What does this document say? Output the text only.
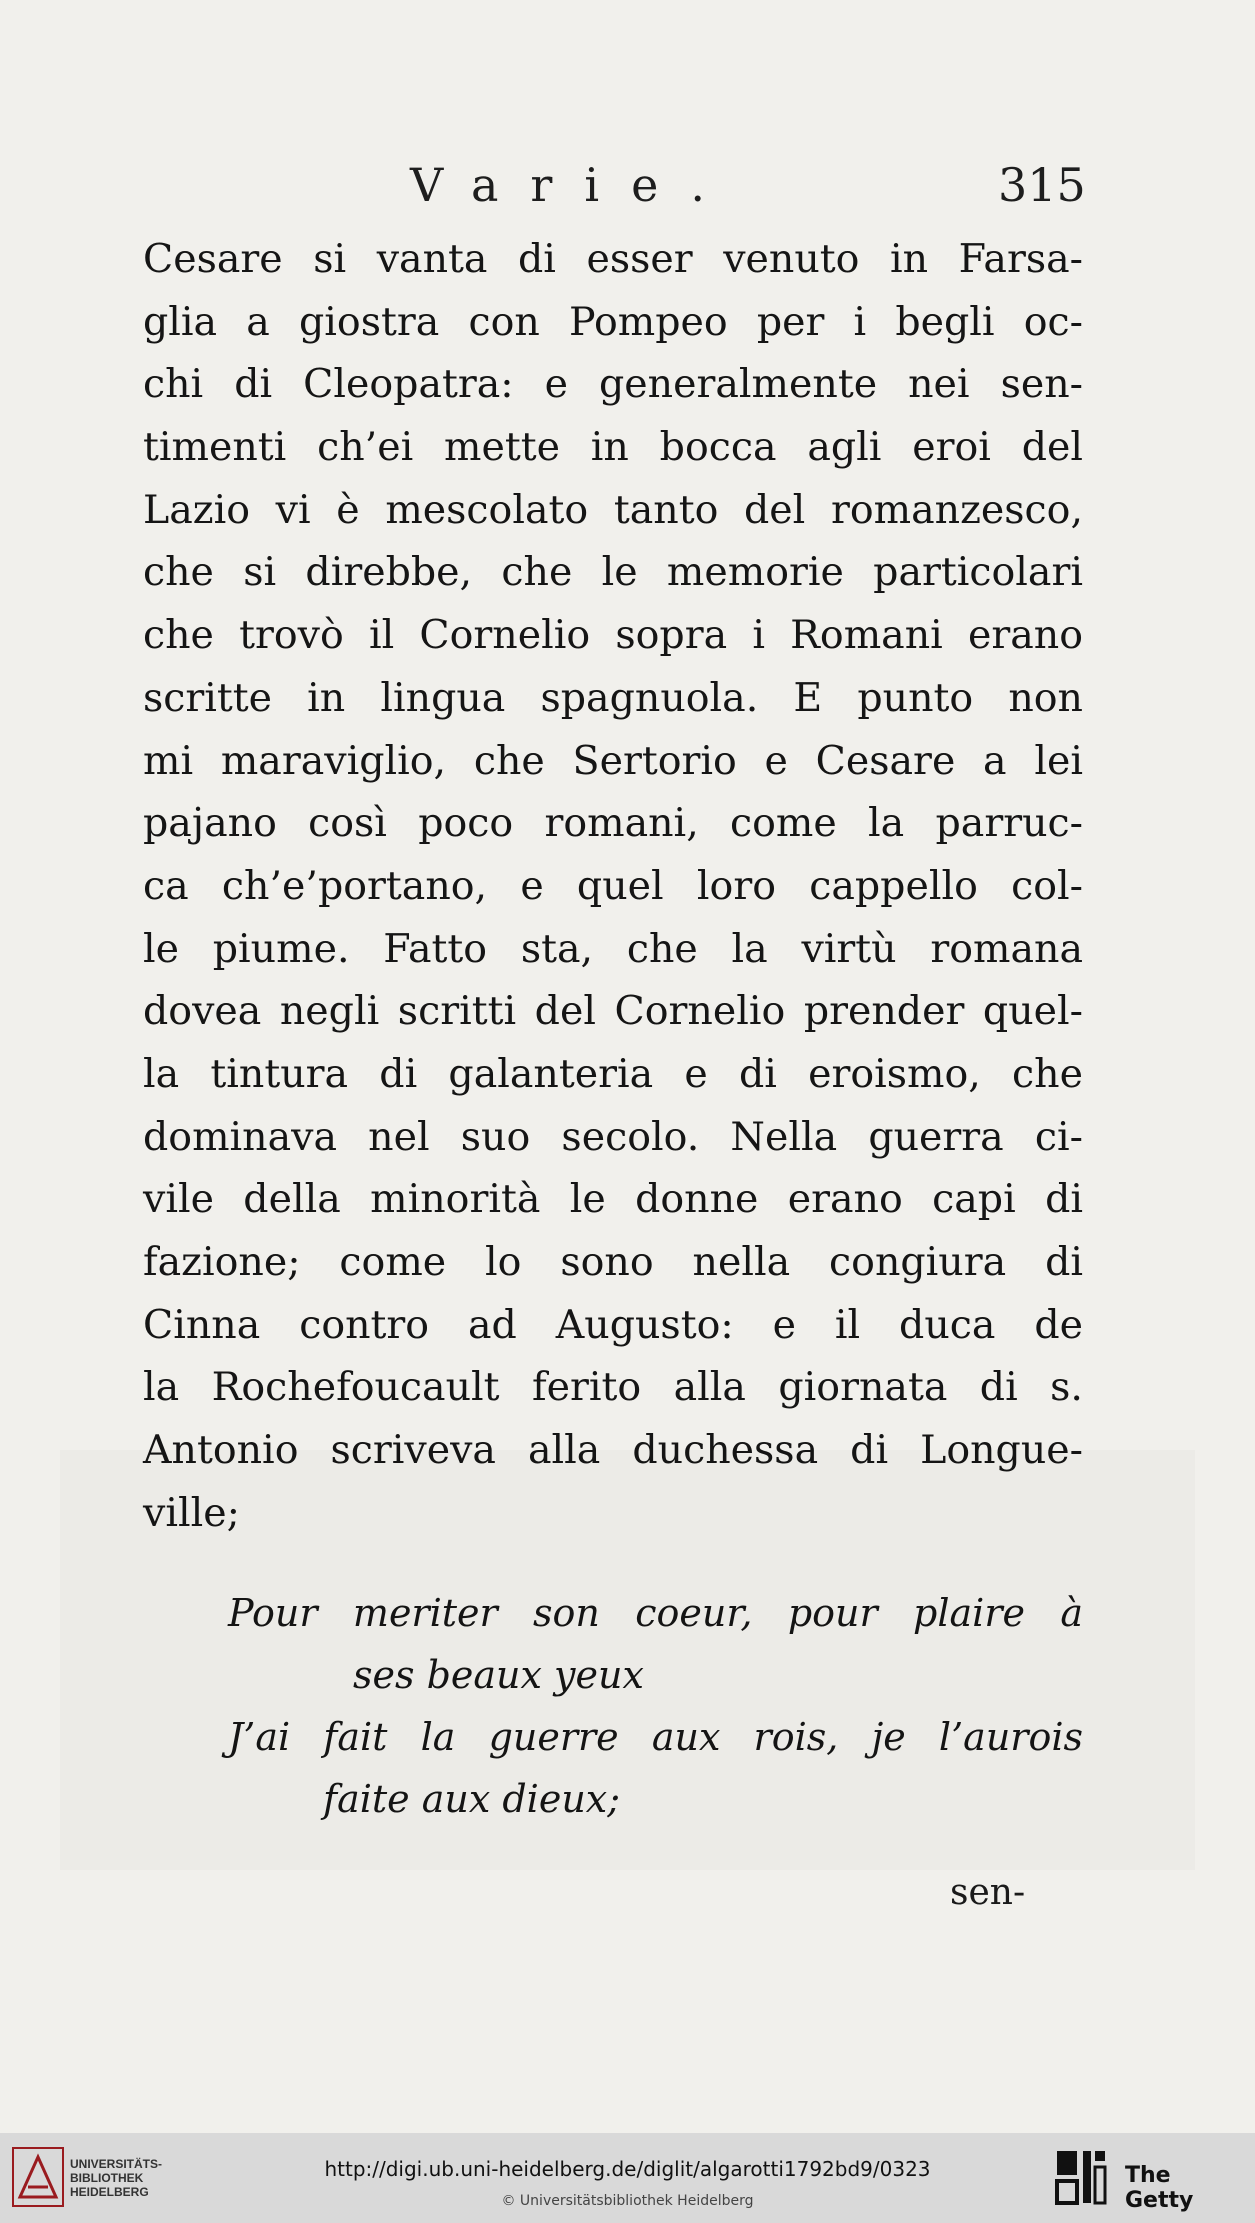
Varie.	315

Cesare si vanta di esser venuto in Farsa-
glia a giostra con Pompeo per i begli oc-
chi di Cleopatra: e generalmente nei sen-
timenti ch’ei mette in bocca agli eroi del
Lazio vi è mescolato tanto del romanzesco,
che si direbbe, che le memorie particolari
che trovò il Cornelio sopra i Romani erano
scritte in lingua spagnuola. E punto non
mi maraviglio, che Sertorio e Cesare a lei
pajano così poco romani, come la parruc-
ca ch’e’portano, e quel loro cappello col-
le piume. Fatto sta, che la virtù romana
dovea negli scritti del Cornelio prender quel-
la tintura di galanteria e di eroismo, che
dominava nel suo secolo. Nella guerra ci-
vile della minorità le donne erano capi di
fazione; come lo sono nella congiura di
Cinna contro ad Augusto: e il duca de
la Rochefoucault ferito alla giornata di s.
Antonio scriveva alla duchessa di Longue-
ville;

Pour meriter son coeur, pour plaire à
ses beaux yeux
J’ai fait la guerre aux rois, je l’aurois
faite aux dieux;
sen-
UNIVERSITÄTS-
BIBLIOTHEK
HEIDELBERG
http://digi.ub.uni-heidelberg.de/diglit/algarotti1792bd9/0323
© Universitätsbibliothek Heidelberg
The Getty
